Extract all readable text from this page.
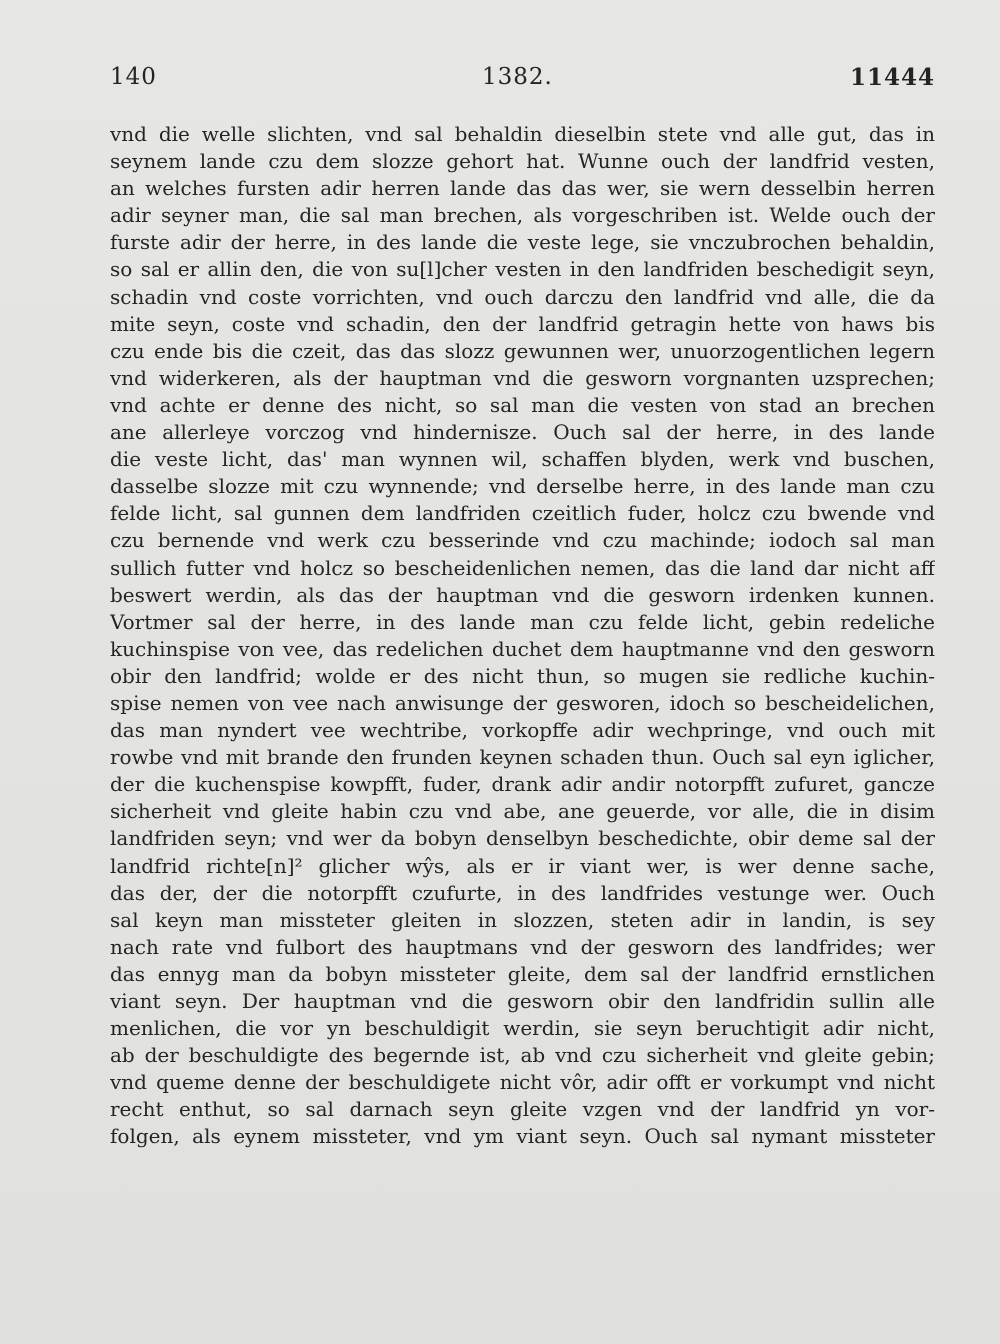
140	1382.	11444
vnd die welle slichten, vnd sal behaldin dieselbin stete vnd alle gut, das in
seynem lande czu dem slozze gehort hat. Wunne ouch der landfrid vesten,
an welches fursten adir herren lande das das wer, sie wern desselbin herren
adir seyner man, die sal man brechen, als vorgeschriben ist. Welde ouch der
furste adir der herre, in des lande die veste lege, sie vnczubrochen behaldin,
so sal er allin den, die von su[l]cher vesten in den landfriden beschedigit seyn,
schadin vnd coste vorrichten, vnd ouch darczu den landfrid vnd alle, die da
mite seyn, coste vnd schadin, den der landfrid getragin hette von haws bis
czu ende bis die czeit, das das slozz gewunnen wer, unuorzogentlichen legern
vnd widerkeren, als der hauptman vnd die gesworn vorgnanten uzsprechen;
vnd achte er denne des nicht, so sal man die vesten von stad an brechen
ane allerleye vorczog vnd hindernisze. Ouch sal der herre, in des lande
die veste licht, das' man wynnen wil, schaffen blyden, werk vnd buschen,
dasselbe slozze mit czu wynnende; vnd derselbe herre, in des lande man czu
felde licht, sal gunnen dem landfriden czeitlich fuder, holcz czu bwende vnd
czu bernende vnd werk czu besserinde vnd czu machinde; iodoch sal man
sullich futter vnd holcz so bescheidenlichen nemen, das die land dar nicht aff
beswert werdin, als das der hauptman vnd die gesworn irdenken kunnen.
Vortmer sal der herre, in des lande man czu felde licht, gebin redeliche
kuchinspise von vee, das redelichen duchet dem hauptmanne vnd den gesworn
obir den landfrid; wolde er des nicht thun, so mugen sie redliche kuchin-
spise nemen von vee nach anwisunge der gesworen, idoch so bescheidelichen,
das man nyndert vee wechtribe, vorkopffe adir wechpringe, vnd ouch mit
rowbe vnd mit brande den frunden keynen schaden thun. Ouch sal eyn iglicher,
der die kuchenspise kowpfft, fuder, drank adir andir notorpfft zufuret, gancze
sicherheit vnd gleite habin czu vnd abe, ane geuerde, vor alle, die in disim
landfriden seyn; vnd wer da bobyn denselbyn beschedichte, obir deme sal der
landfrid richte[n]² glicher wŷs, als er ir viant wer, is wer denne sache,
das der, der die notorpfft czufurte, in des landfrides vestunge wer. Ouch
sal keyn man missteter gleiten in slozzen, steten adir in landin, is sey
nach rate vnd fulbort des hauptmans vnd der gesworn des landfrides; wer
das ennyg man da bobyn missteter gleite, dem sal der landfrid ernstlichen
viant seyn. Der hauptman vnd die gesworn obir den landfridin sullin alle
menlichen, die vor yn beschuldigit werdin, sie seyn beruchtigit adir nicht,
ab der beschuldigte des begernde ist, ab vnd czu sicherheit vnd gleite gebin;
vnd queme denne der beschuldigete nicht vôr, adir offt er vorkumpt vnd nicht
recht enthut, so sal darnach seyn gleite vzgen vnd der landfrid yn vor-
folgen, als eynem missteter, vnd ym viant seyn. Ouch sal nymant missteter
